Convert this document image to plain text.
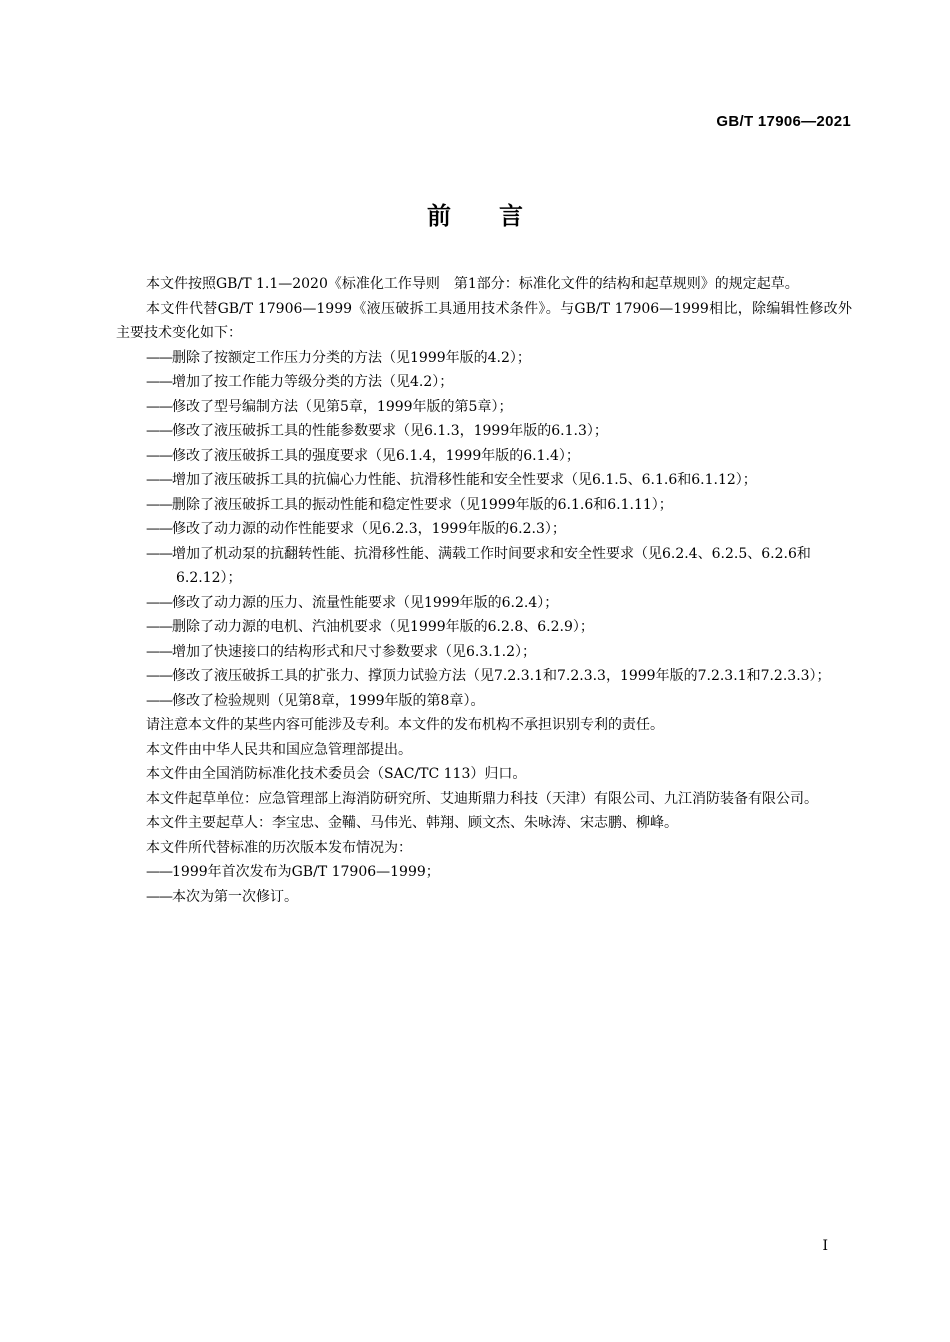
GB/T 17906—2021
前言

本文件按照GB/T 1.1—2020《标准化工作导则　第1部分：标准化文件的结构和起草规则》的规定起草。

本文件代替GB/T 17906—1999《液压破拆工具通用技术条件》。与GB/T 17906—1999相比，除编辑性修改外主要技术变化如下：

——删除了按额定工作压力分类的方法（见1999年版的4.2）；

——增加了按工作能力等级分类的方法（见4.2）；

——修改了型号编制方法（见第5章，1999年版的第5章）；

——修改了液压破拆工具的性能参数要求（见6.1.3，1999年版的6.1.3）；

——修改了液压破拆工具的强度要求（见6.1.4，1999年版的6.1.4）；

——增加了液压破拆工具的抗偏心力性能、抗滑移性能和安全性要求（见6.1.5、6.1.6和6.1.12）；

——删除了液压破拆工具的振动性能和稳定性要求（见1999年版的6.1.6和6.1.11）；

——修改了动力源的动作性能要求（见6.2.3，1999年版的6.2.3）；

——增加了机动泵的抗翻转性能、抗滑移性能、满载工作时间要求和安全性要求（见6.2.4、6.2.5、6.2.6和6.2.12）；

——修改了动力源的压力、流量性能要求（见1999年版的6.2.4）；

——删除了动力源的电机、汽油机要求（见1999年版的6.2.8、6.2.9）；

——增加了快速接口的结构形式和尺寸参数要求（见6.3.1.2）；

——修改了液压破拆工具的扩张力、撑顶力试验方法（见7.2.3.1和7.2.3.3，1999年版的7.2.3.1和7.2.3.3）；

——修改了检验规则（见第8章，1999年版的第8章）。

请注意本文件的某些内容可能涉及专利。本文件的发布机构不承担识别专利的责任。

本文件由中华人民共和国应急管理部提出。

本文件由全国消防标准化技术委员会（SAC/TC 113）归口。

本文件起草单位：应急管理部上海消防研究所、艾迪斯鼎力科技（天津）有限公司、九江消防装备有限公司。

本文件主要起草人：李宝忠、金鞴、马伟光、韩翔、顾文杰、朱咏涛、宋志鹏、柳峰。

本文件所代替标准的历次版本发布情况为：

——1999年首次发布为GB/T 17906—1999；

——本次为第一次修订。

I
